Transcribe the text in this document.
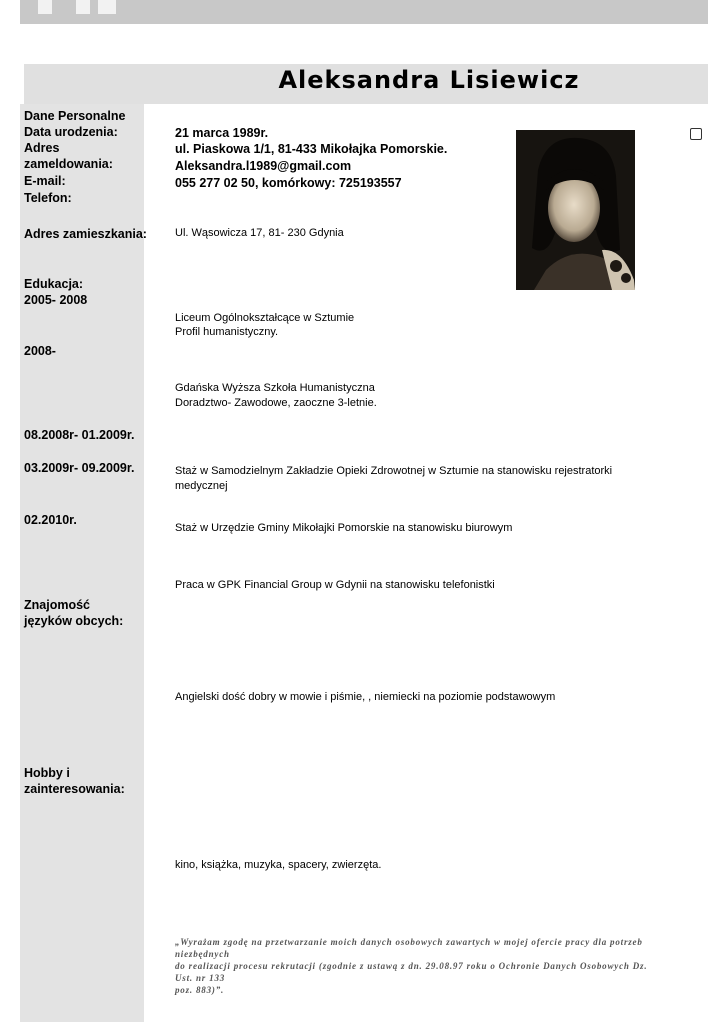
Aleksandra Lisiewicz
Dane Personalne
Data urodzenia:
Adres
zameldowania:
E-mail:
Telefon:
21 marca 1989r.
ul. Piaskowa 1/1, 81-433 Mikołajka Pomorskie.
Aleksandra.l1989@gmail.com
055 277 02 50, komórkowy: 725193557
Adres zamieszkania:	Ul. Wąsowicza 17, 81- 230 Gdynia
Edukacja:
2005- 2008
Liceum Ogólnokształcące w Sztumie
Profil humanistyczny.
2008-
Gdańska Wyższa Szkoła Humanistyczna
Doradztwo- Zawodowe, zaoczne 3-letnie.
08.2008r- 01.2009r.
03.2009r- 09.2009r.	Staż w Samodzielnym Zakładzie Opieki Zdrowotnej w Sztumie na stanowisku rejestratorki medycznej
02.2010r.
Staż w Urzędzie Gminy Mikołajki Pomorskie na stanowisku biurowym
Praca w GPK Financial Group w Gdynii na stanowisku telefonistki
Znajomość
języków obcych:
Angielski dość dobry w mowie i piśmie, , niemiecki na poziomie podstawowym
Hobby i
zainteresowania:
kino, książka, muzyka, spacery, zwierzęta.
„Wyrażam zgodę na przetwarzanie moich danych osobowych zawartych w mojej ofercie pracy dla potrzeb niezbędnych
do realizacji procesu rekrutacji (zgodnie z ustawą z dn. 29.08.97 roku o Ochronie Danych Osobowych Dz. Ust. nr 133
poz. 883)”.
